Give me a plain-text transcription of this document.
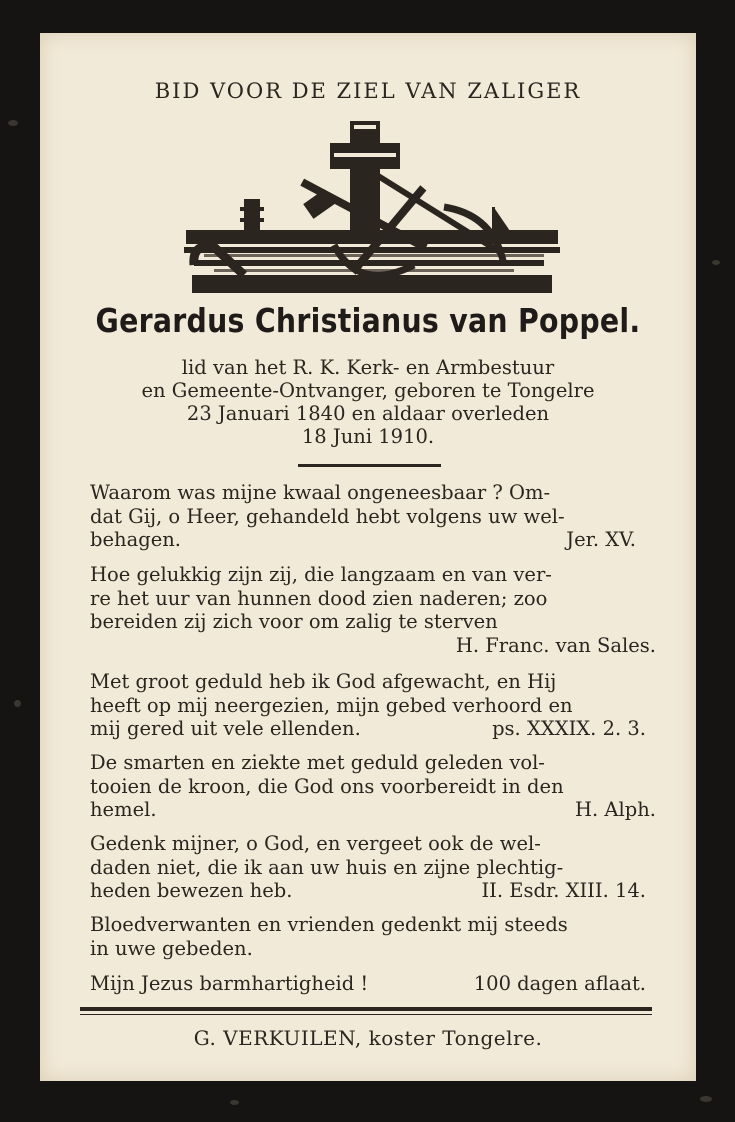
BID VOOR DE ZIEL VAN ZALIGER
Gerardus Christianus van Poppel.
lid van het R. K. Kerk- en Armbestuur
en Gemeente-Ontvanger, geboren te Tongelre
23 Januari 1840 en aldaar overleden
18 Juni 1910.
Waarom was mijne kwaal ongeneesbaar ? Om-
dat Gij, o Heer, gehandeld hebt volgens uw wel-
behagen.	Jer. XV.
Hoe gelukkig zijn zij, die langzaam en van ver-
re het uur van hunnen dood zien naderen; zoo
bereiden zij zich voor om zalig te sterven
H. Franc. van Sales.
Met groot geduld heb ik God afgewacht, en Hij
heeft op mij neergezien, mijn gebed verhoord en
mij gered uit vele ellenden.	ps. XXXIX. 2. 3.
De smarten en ziekte met geduld geleden vol-
tooien de kroon, die God ons voorbereidt in den
hemel.	H. Alph.
Gedenk mijner, o God, en vergeet ook de wel-
daden niet, die ik aan uw huis en zijne plechtig-
heden bewezen heb.	II. Esdr. XIII. 14.
Bloedverwanten en vrienden gedenkt mij steeds
in uwe gebeden.
Mijn Jezus barmhartigheid !	100 dagen aflaat.
G. VERKUILEN, koster Tongelre.
